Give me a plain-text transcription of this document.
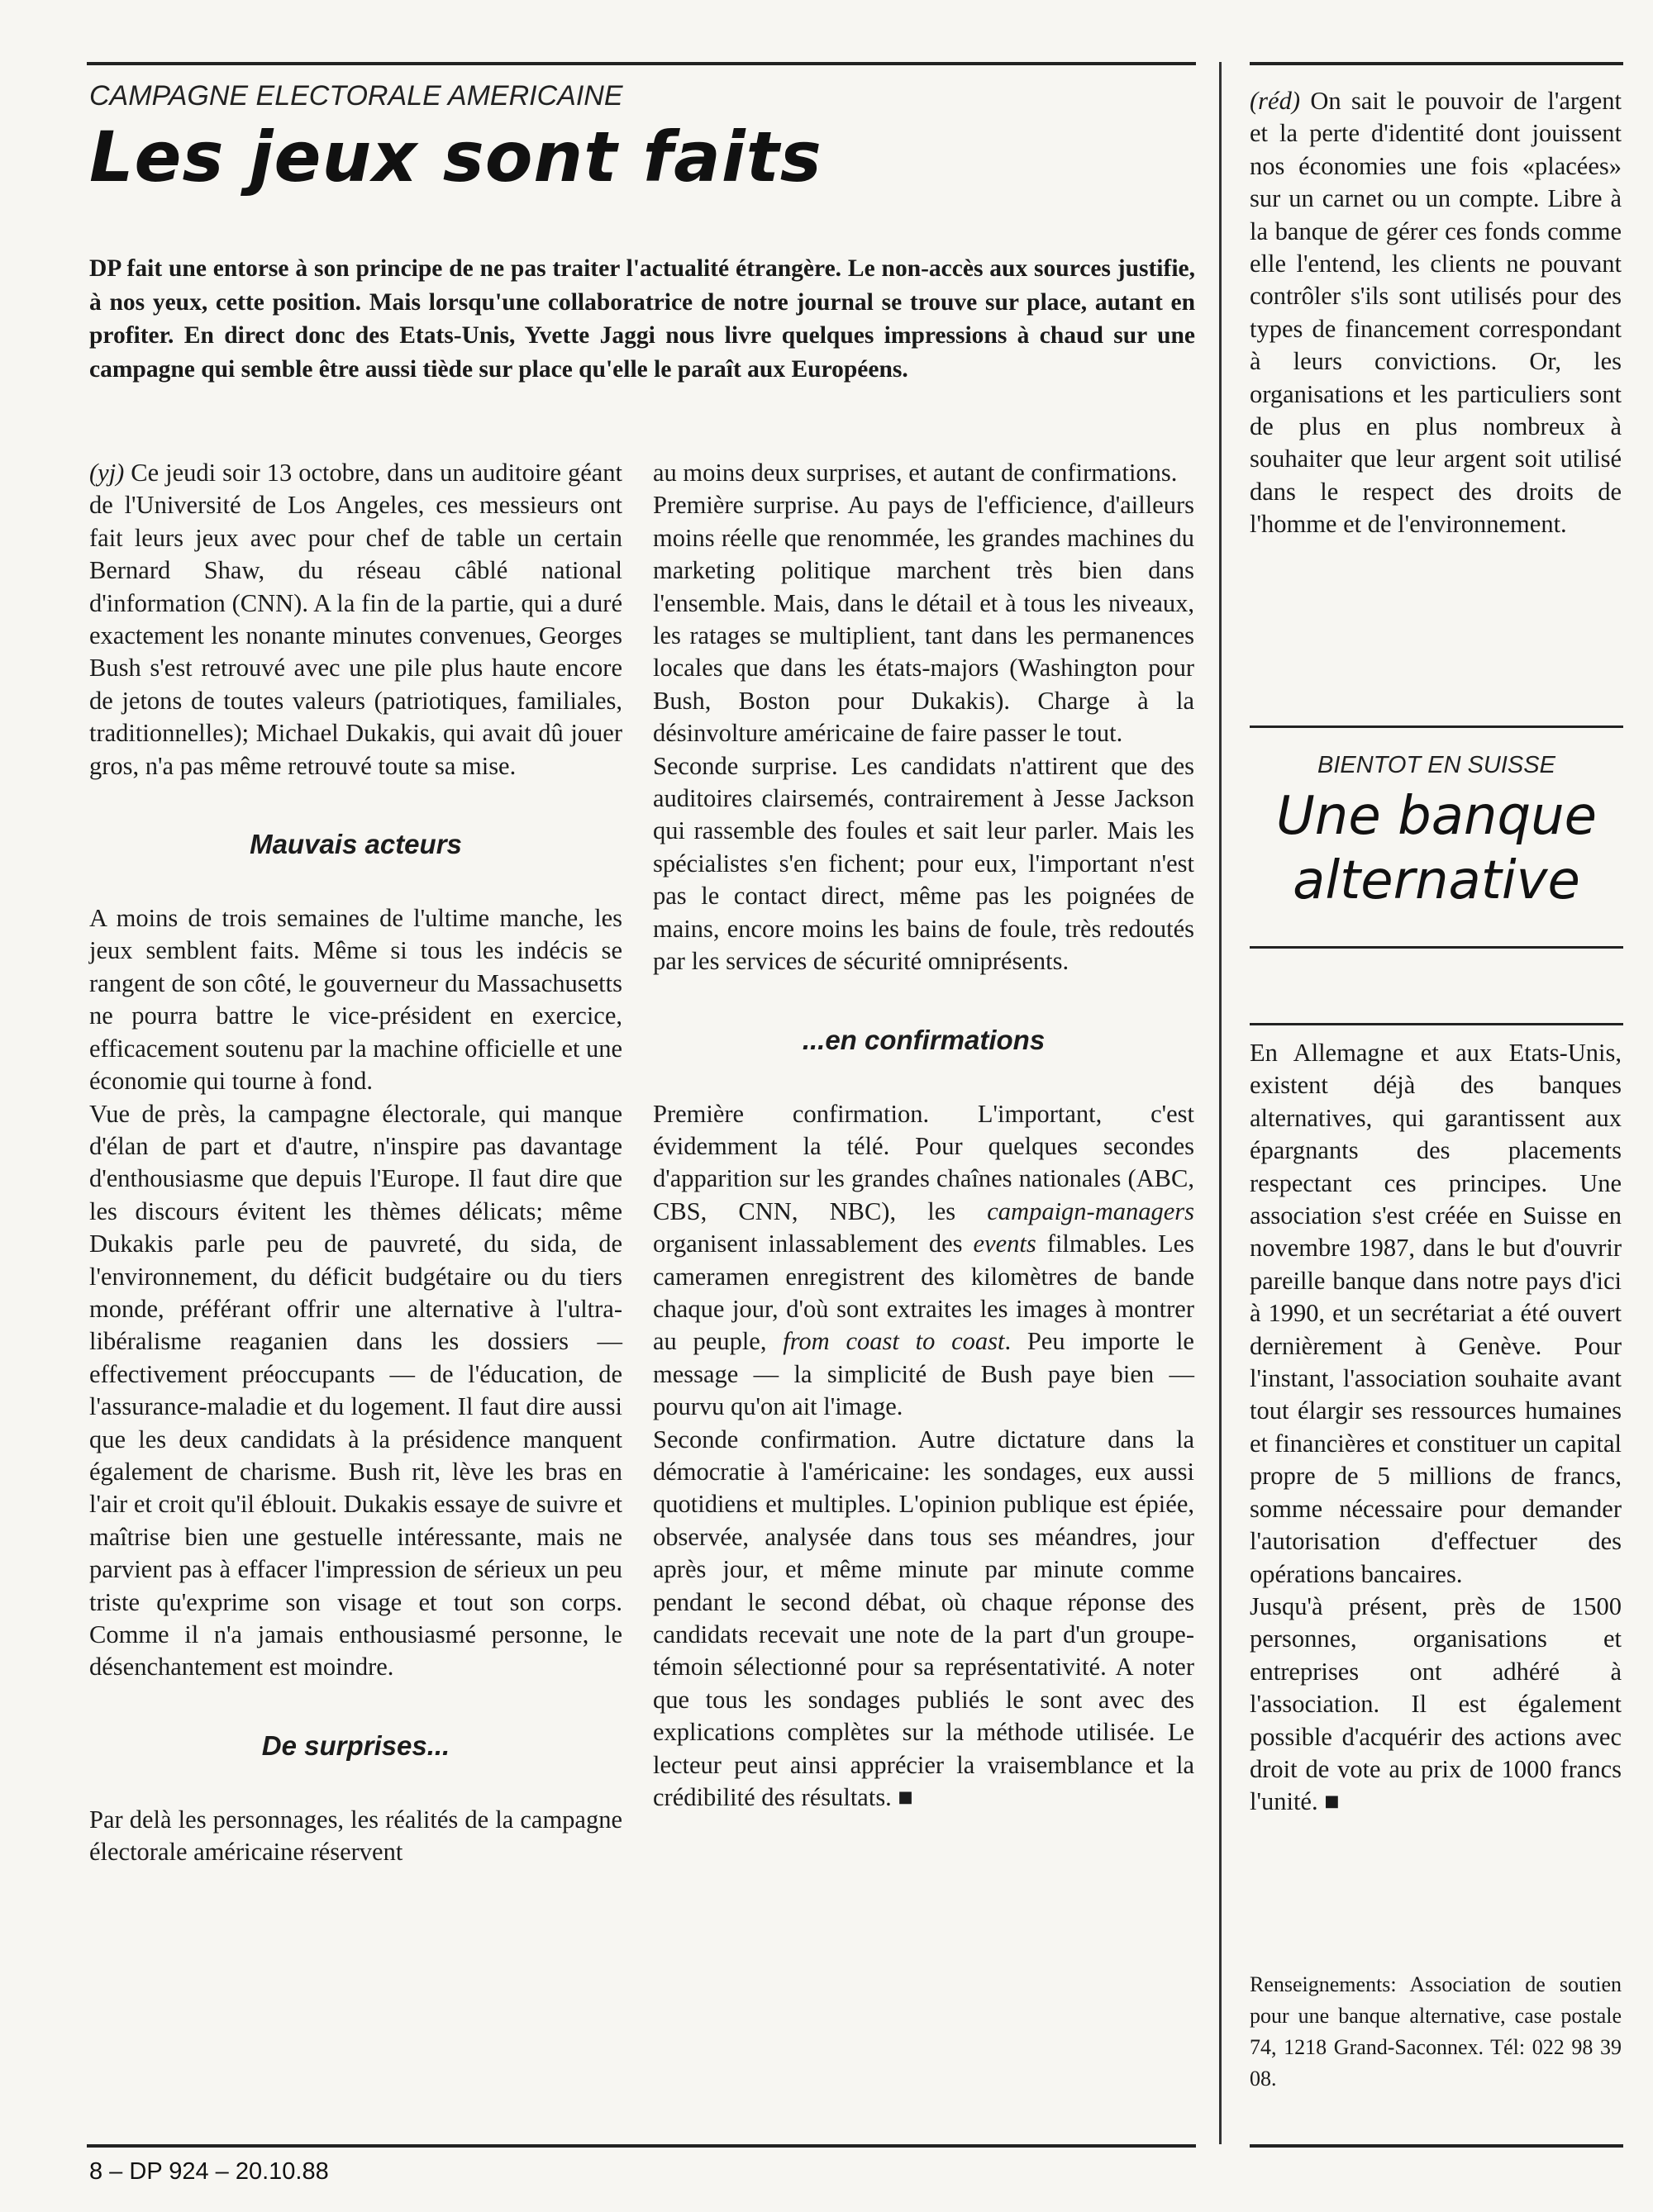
CAMPAGNE ELECTORALE AMERICAINE
Les jeux sont faits
DP fait une entorse à son principe de ne pas traiter l'actualité étrangère. Le non-accès aux sources justifie, à nos yeux, cette position. Mais lorsqu'une collaboratrice de notre journal se trouve sur place, autant en profiter. En direct donc des Etats-Unis, Yvette Jaggi nous livre quelques impressions à chaud sur une campagne qui semble être aussi tiède sur place qu'elle le paraît aux Européens.

(yj) Ce jeudi soir 13 octobre, dans un auditoire géant de l'Université de Los Angeles, ces messieurs ont fait leurs jeux avec pour chef de table un certain Bernard Shaw, du réseau câblé national d'information (CNN). A la fin de la partie, qui a duré exactement les nonante minutes convenues, Georges Bush s'est retrouvé avec une pile plus haute encore de jetons de toutes valeurs (patriotiques, familiales, traditionnelles); Michael Dukakis, qui avait dû jouer gros, n'a pas même retrouvé toute sa mise.

Mauvais acteurs

A moins de trois semaines de l'ultime manche, les jeux semblent faits. Même si tous les indécis se rangent de son côté, le gouverneur du Massachusetts ne pourra battre le vice-président en exercice, efficacement soutenu par la machine officielle et une économie qui tourne à fond.

Vue de près, la campagne électorale, qui manque d'élan de part et d'autre, n'inspire pas davantage d'enthousiasme que depuis l'Europe. Il faut dire que les discours évitent les thèmes délicats; même Dukakis parle peu de pauvreté, du sida, de l'environnement, du déficit budgétaire ou du tiers monde, préférant offrir une alternative à l'ultra-libéralisme reaganien dans les dossiers — effectivement préoccupants — de l'éducation, de l'assurance-maladie et du logement. Il faut dire aussi que les deux candidats à la présidence manquent également de charisme. Bush rit, lève les bras en l'air et croit qu'il éblouit. Dukakis essaye de suivre et maîtrise bien une gestuelle intéressante, mais ne parvient pas à effacer l'impression de sérieux un peu triste qu'exprime son visage et tout son corps. Comme il n'a jamais enthousiasmé personne, le désenchantement est moindre.

De surprises...

Par delà les personnages, les réalités de la campagne électorale américaine réservent

au moins deux surprises, et autant de confirmations.

Première surprise. Au pays de l'efficience, d'ailleurs moins réelle que renommée, les grandes machines du marketing politique marchent très bien dans l'ensemble. Mais, dans le détail et à tous les niveaux, les ratages se multiplient, tant dans les permanences locales que dans les états-majors (Washington pour Bush, Boston pour Dukakis). Charge à la désinvolture américaine de faire passer le tout.

Seconde surprise. Les candidats n'attirent que des auditoires clairsemés, contrairement à Jesse Jackson qui rassemble des foules et sait leur parler. Mais les spécialistes s'en fichent; pour eux, l'important n'est pas le contact direct, même pas les poignées de mains, encore moins les bains de foule, très redoutés par les services de sécurité omniprésents.

...en confirmations

Première confirmation. L'important, c'est évidemment la télé. Pour quelques secondes d'apparition sur les grandes chaînes nationales (ABC, CBS, CNN, NBC), les campaign-managers organisent inlassablement des events filmables. Les cameramen enregistrent des kilomètres de bande chaque jour, d'où sont extraites les images à montrer au peuple, from coast to coast. Peu importe le message — la simplicité de Bush paye bien — pourvu qu'on ait l'image.

Seconde confirmation. Autre dictature dans la démocratie à l'américaine: les sondages, eux aussi quotidiens et multiples. L'opinion publique est épiée, observée, analysée dans tous ses méandres, jour après jour, et même minute par minute comme pendant le second débat, où chaque réponse des candidats recevait une note de la part d'un groupe-témoin sélectionné pour sa représentativité. A noter que tous les sondages publiés le sont avec des explications complètes sur la méthode utilisée. Le lecteur peut ainsi apprécier la vraisemblance et la crédibilité des résultats. ■

(réd) On sait le pouvoir de l'argent et la perte d'identité dont jouissent nos économies une fois «placées» sur un carnet ou un compte. Libre à la banque de gérer ces fonds comme elle l'entend, les clients ne pouvant contrôler s'ils sont utilisés pour des types de financement correspondant à leurs convictions. Or, les organisations et les particuliers sont de plus en plus nombreux à souhaiter que leur argent soit utilisé dans le respect des droits de l'homme et de l'environnement.

BIENTOT EN SUISSE
Une banque
alternative

En Allemagne et aux Etats-Unis, existent déjà des banques alternatives, qui garantissent aux épargnants des placements respectant ces principes. Une association s'est créée en Suisse en novembre 1987, dans le but d'ouvrir pareille banque dans notre pays d'ici à 1990, et un secrétariat a été ouvert dernièrement à Genève. Pour l'instant, l'association souhaite avant tout élargir ses ressources humaines et financières et constituer un capital propre de 5 millions de francs, somme nécessaire pour demander l'autorisation d'effectuer des opérations bancaires.

Jusqu'à présent, près de 1500 personnes, organisations et entreprises ont adhéré à l'association. Il est également possible d'acquérir des actions avec droit de vote au prix de 1000 francs l'unité. ■

Renseignements: Association de soutien pour une banque alternative, case postale 74, 1218 Grand-Saconnex. Tél: 022 98 39 08.
8 – DP 924 – 20.10.88
